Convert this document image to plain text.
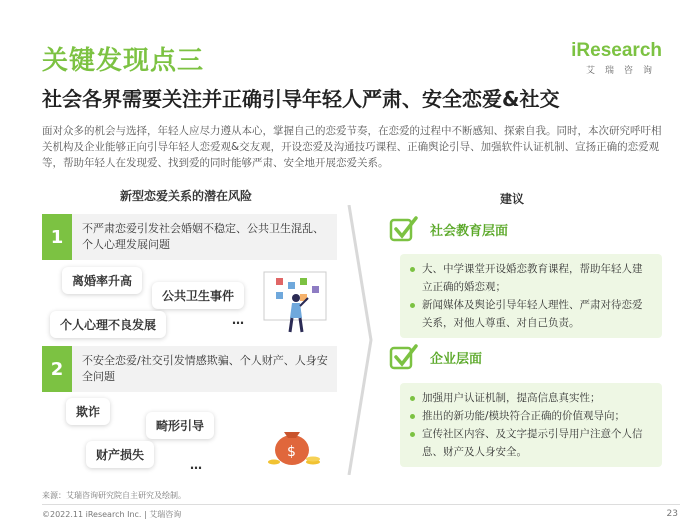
关键发现点三	iResearch
艾瑞咨询
社会各界需要关注并正确引导年轻人严肃、安全恋爱&社交
面对众多的机会与选择，年轻人应尽力遵从本心，掌握自己的恋爱节奏，在恋爱的过程中不断感知、探索自我。同时，本次研究呼吁相关机构及企业能够正向引导年轻人恋爱观&交友观，开设恋爱及沟通技巧课程、正确舆论引导、加强软件认证机制、宣扬正确的恋爱观等，帮助年轻人在发现爱、找到爱的同时能够严肃、安全地开展恋爱关系。
新型恋爱关系的潜在风险
1	不严肃恋爱引发社会婚姻不稳定、公共卫生混乱、个人心理发展问题
离婚率升高
公共卫生事件
个人心理不良发展	…
2	不安全恋爱/社交引发情感欺骗、个人财产、人身安全问题
欺诈
畸形引导
财产损失
…
$
建议
社会教育层面
大、中学课堂开设婚恋教育课程，帮助年轻人建立正确的婚恋观；
新闻媒体及舆论引导年轻人理性、严肃对待恋爱关系，对他人尊重、对自己负责。
企业层面
加强用户认证机制，提高信息真实性；
推出的新功能/模块符合正确的价值观导向；
宣传社区内容、及文字提示引导用户注意个人信息、财产及人身安全。
来源：艾瑞咨询研究院自主研究及绘制。
©2022.11 iResearch Inc. | 艾瑞咨询	23
